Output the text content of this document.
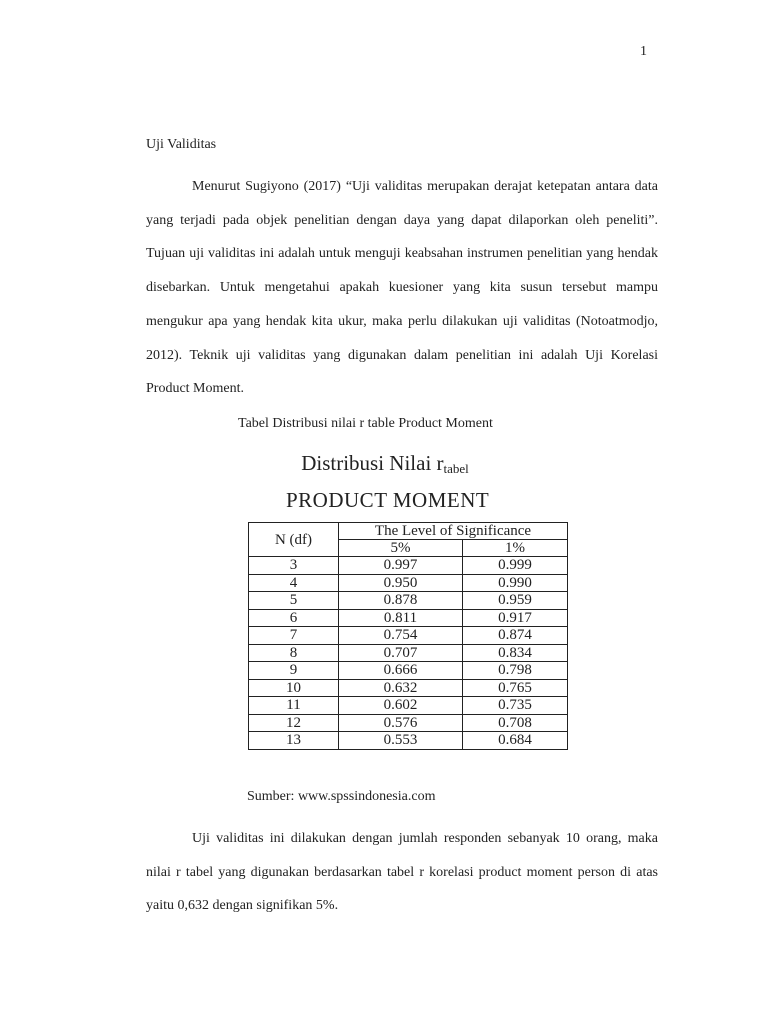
1
Uji Validitas

Menurut Sugiyono (2017) “Uji validitas merupakan derajat ketepatan antara data yang terjadi pada objek penelitian dengan daya yang dapat dilaporkan oleh peneliti”. Tujuan uji validitas ini adalah untuk menguji keabsahan instrumen penelitian yang hendak disebarkan. Untuk mengetahui apakah kuesioner yang kita susun tersebut mampu mengukur apa yang hendak kita ukur, maka perlu dilakukan uji validitas (Notoatmodjo, 2012). Teknik uji validitas yang digunakan dalam penelitian ini adalah Uji Korelasi Product Moment.

Tabel Distribusi nilai r table Product Moment
Distribusi Nilai $r_{tabel}$
PRODUCT MOMENT
N (df)	The Level of Significance	
	5%	1%
3	0.997	0.999
4	0.950	0.990
5	0.878	0.959
6	0.811	0.917
7	0.754	0.874
8	0.707	0.834
9	0.666	0.798
10	0.632	0.765
11	0.602	0.735
12	0.576	0.708
13	0.553	0.684
Sumber: www.spssindonesia.com

Uji validitas ini dilakukan dengan jumlah responden sebanyak 10 orang, maka nilai r tabel yang digunakan berdasarkan tabel r korelasi product moment person di atas yaitu 0,632 dengan signifikan 5%.
